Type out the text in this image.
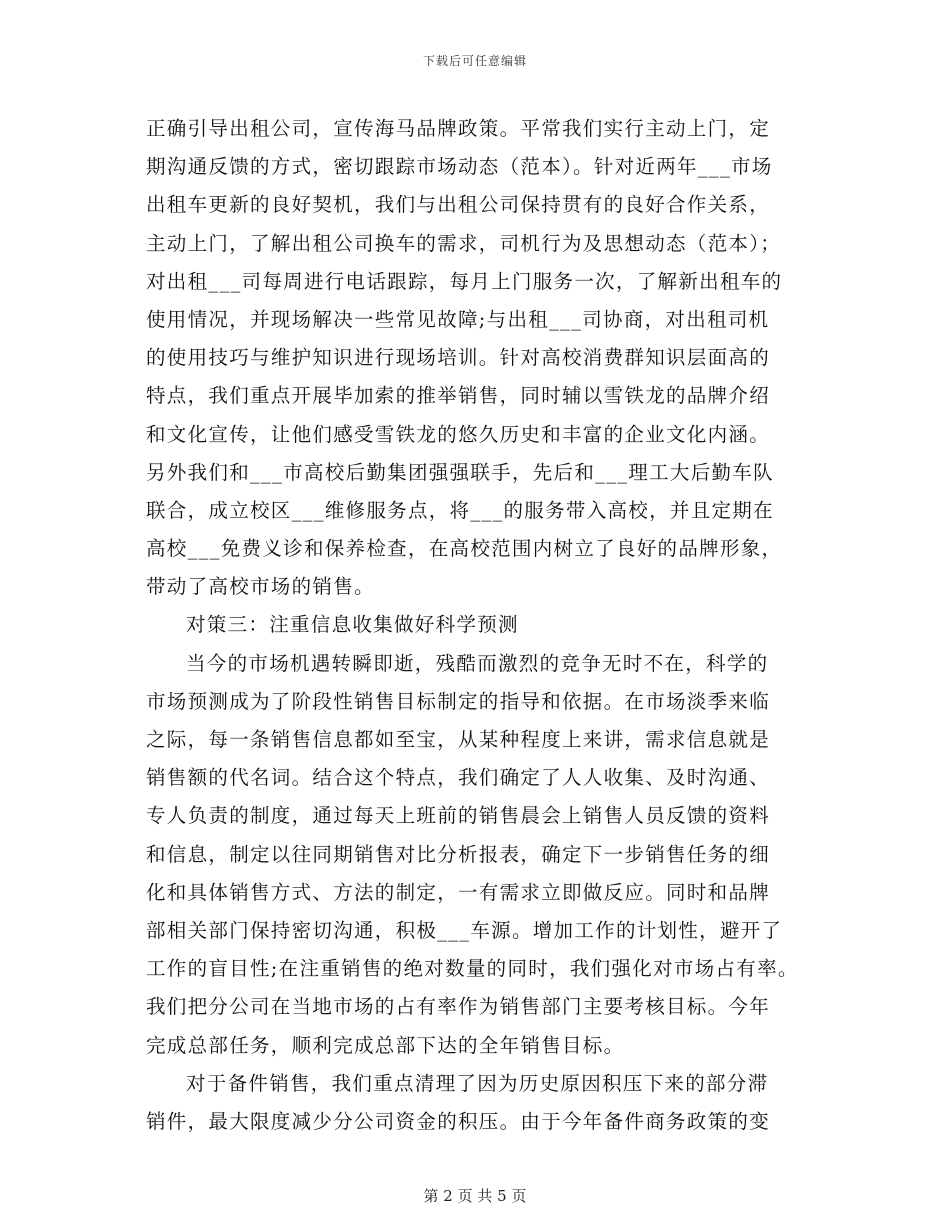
下载后可任意编辑
正确引导出租公司，宣传海马品牌政策。平常我们实行主动上门，定
期沟通反馈的方式，密切跟踪市场动态（范本）。针对近两年___市场
出租车更新的良好契机，我们与出租公司保持贯有的良好合作关系，
主动上门，了解出租公司换车的需求，司机行为及思想动态（范本）；
对出租___司每周进行电话跟踪，每月上门服务一次，了解新出租车的
使用情况，并现场解决一些常见故障;与出租___司协商，对出租司机
的使用技巧与维护知识进行现场培训。针对高校消费群知识层面高的
特点，我们重点开展毕加索的推举销售，同时辅以雪铁龙的品牌介绍
和文化宣传，让他们感受雪铁龙的悠久历史和丰富的企业文化内涵。
另外我们和___市高校后勤集团强强联手，先后和___理工大后勤车队
联合，成立校区___维修服务点，将___的服务带入高校，并且定期在
高校___免费义诊和保养检查，在高校范围内树立了良好的品牌形象，
带动了高校市场的销售。
对策三：注重信息收集做好科学预测
当今的市场机遇转瞬即逝，残酷而激烈的竞争无时不在，科学的
市场预测成为了阶段性销售目标制定的指导和依据。在市场淡季来临
之际，每一条销售信息都如至宝，从某种程度上来讲，需求信息就是
销售额的代名词。结合这个特点，我们确定了人人收集、及时沟通、
专人负责的制度，通过每天上班前的销售晨会上销售人员反馈的资料
和信息，制定以往同期销售对比分析报表，确定下一步销售任务的细
化和具体销售方式、方法的制定，一有需求立即做反应。同时和品牌
部相关部门保持密切沟通，积极___车源。增加工作的计划性，避开了
工作的盲目性;在注重销售的绝对数量的同时，我们强化对市场占有率。
我们把分公司在当地市场的占有率作为销售部门主要考核目标。今年
完成总部任务，顺利完成总部下达的全年销售目标。
对于备件销售，我们重点清理了因为历史原因积压下来的部分滞
销件，最大限度减少分公司资金的积压。由于今年备件商务政策的变
第 2 页 共 5 页
